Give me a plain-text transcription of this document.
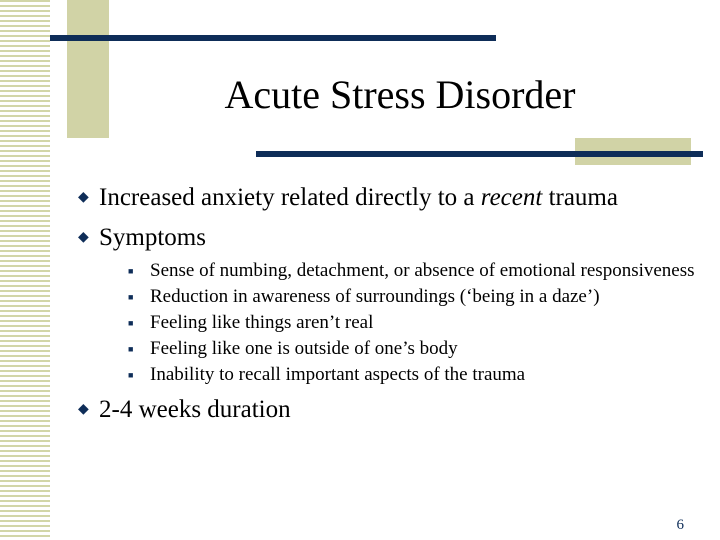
Acute Stress Disorder
◆ Increased anxiety related directly to a recent trauma
◆ Symptoms
■ Sense of numbing, detachment, or absence of emotional responsiveness
■ Reduction in awareness of surroundings (‘being in a daze’)
■ Feeling like things aren’t real
■ Feeling like one is outside of one’s body
■ Inability to recall important aspects of the trauma
◆ 2-4 weeks duration
6
